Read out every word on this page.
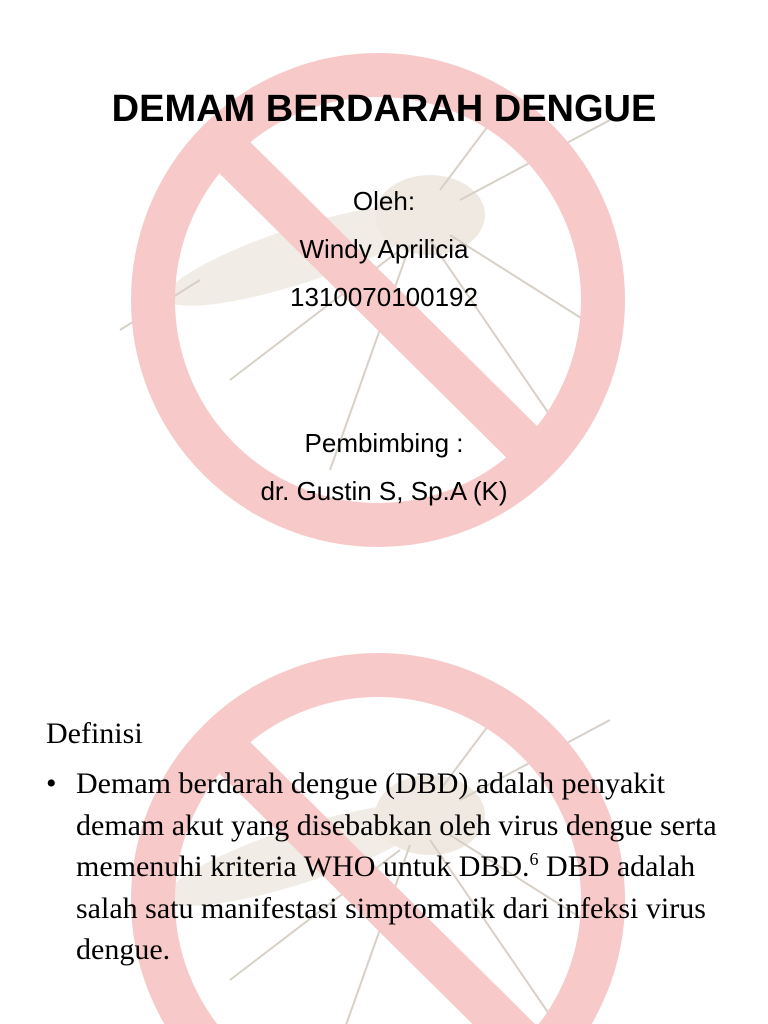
DEMAM BERDARAH DENGUE
Oleh:
Windy Aprilicia
1310070100192
Pembimbing :
dr. Gustin S, Sp.A (K)
Definisi
• Demam berdarah dengue (DBD) adalah penyakit demam akut yang disebabkan oleh virus dengue serta memenuhi kriteria WHO untuk DBD.$^6$ DBD adalah salah satu manifestasi simptomatik dari infeksi virus dengue.
